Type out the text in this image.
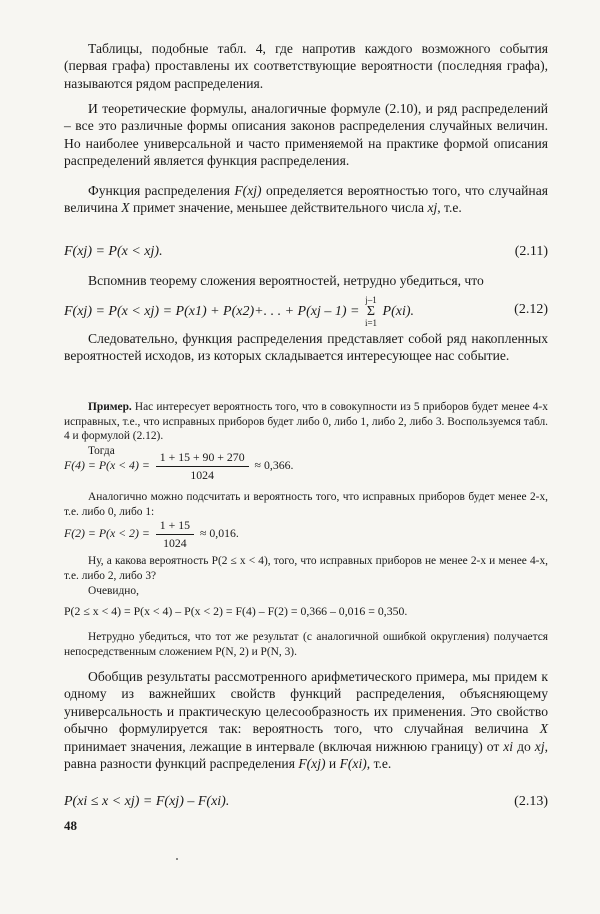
Таблицы, подобные табл. 4, где напротив каждого возможного события (первая графа) проставлены их соответствующие вероятности (последняя графа), называются рядом распределения.

И теоретические формулы, аналогичные формуле (2.10), и ряд распределений – все это различные формы описания законов распределения случайных величин. Но наиболее универсальной и часто применяемой на практике формой описания распределений является функция распределения.

Функция распределения F(xj) определяется вероятностью того, что случайная величина X примет значение, меньшее действительного числа xj, т.е.

F(xj) = P(x < xj).	(2.11)

Вспомнив теорему сложения вероятностей, нетрудно убедиться, что

F(xj) = P(x < xj) = P(x1) + P(x2)+. . . + P(xj – 1) =
j–1
Σ
i=1
P(xi).	(2.12)

Следовательно, функция распределения представляет собой ряд накопленных вероятностей исходов, из которых складывается интересующее нас событие.

Пример. Нас интересует вероятность того, что в совокупности из 5 приборов будет менее 4-х исправных, т.е., что исправных приборов будет либо 0, либо 1, либо 2, либо 3. Воспользуемся табл. 4 и формулой (2.12).

Тогда

$F(4) = P(x < 4) = \frac{1 + 15 + 90 + 270}{1024} \approx 0,366$.

Аналогично можно подсчитать и вероятность того, что исправных приборов будет менее 2-х, т.е. либо 0, либо 1:

$F(2) = P(x < 2) = \frac{1 + 15}{1024} \approx 0,016$.

Ну, а какова вероятность P(2 ≤ x < 4), того, что исправных приборов не менее 2-х и менее 4-х, т.е. либо 2, либо 3?

Очевидно,

P(2 ≤ x < 4) = P(x < 4) – P(x < 2) = F(4) – F(2) = 0,366 – 0,016 = 0,350.

Нетрудно убедиться, что тот же результат (с аналогичной ошибкой округления) получается непосредственным сложением P(N, 2) и P(N, 3).

Обобщив результаты рассмотренного арифметического примера, мы придем к одному из важнейших свойств функций распределения, объясняющему универсальность и практическую целесообразность их применения. Это свойство обычно формулируется так: вероятность того, что случайная величина X принимает значения, лежащие в интервале (включая нижнюю границу) от xi до xj, равна разности функций распределения F(xj) и F(xi), т.е.

P(xi ≤ x < xj) = F(xj) – F(xi).	(2.13)
48
